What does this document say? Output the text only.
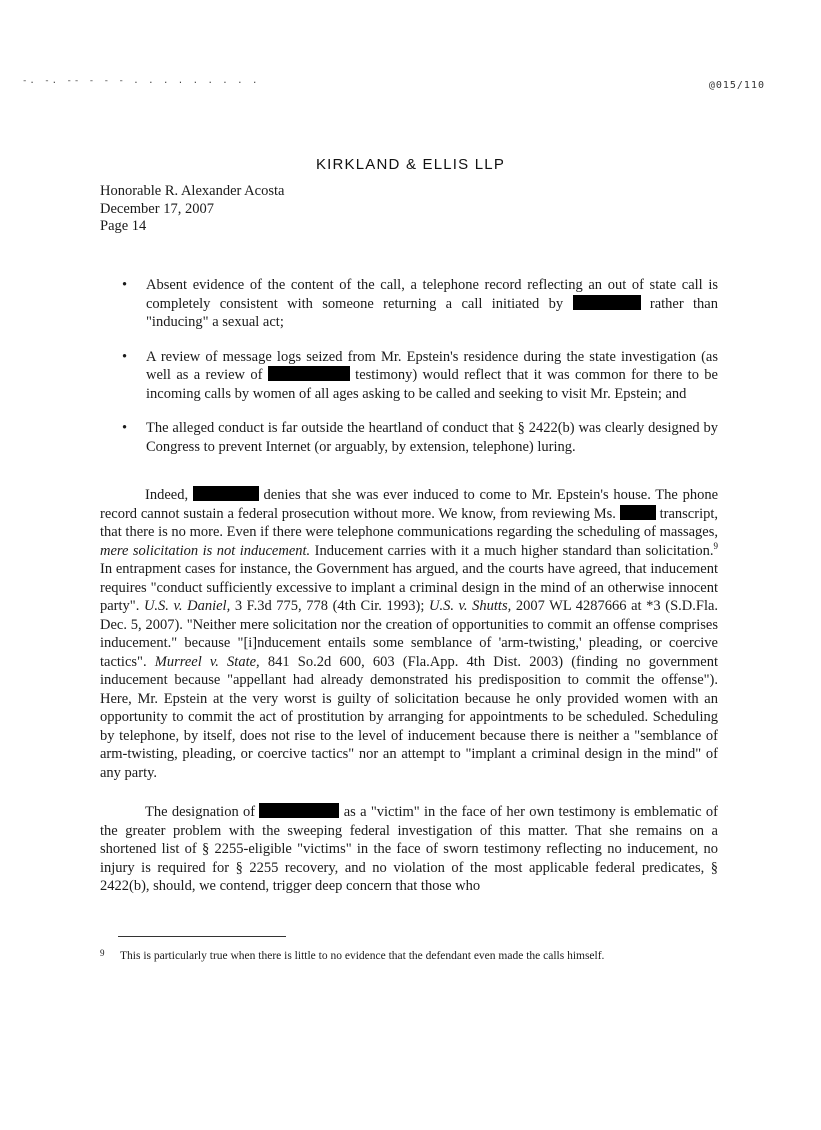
-. -. -- - - - . . . . . . . . .	@015/110
KIRKLAND & ELLIS LLP
Honorable R. Alexander Acosta
December 17, 2007
Page 14
• Absent evidence of the content of the call, a telephone record reflecting an out of state call is completely consistent with someone returning a call initiated by	rather than "inducing" a sexual act;
• A review of message logs seized from Mr. Epstein's residence during the state investigation (as well as a review of	testimony) would reflect that it was common for there to be incoming calls by women of all ages asking to be called and seeking to visit Mr. Epstein; and
• The alleged conduct is far outside the heartland of conduct that § 2422(b) was clearly designed by Congress to prevent Internet (or arguably, by extension, telephone) luring.

Indeed,	denies that she was ever induced to come to Mr. Epstein's house. The phone record cannot sustain a federal prosecution without more. We know, from reviewing Ms.	transcript, that there is no more. Even if there were telephone communications regarding the scheduling of massages, mere solicitation is not inducement. Inducement carries with it a much higher standard than solicitation.$^9$ In entrapment cases for instance, the Government has argued, and the courts have agreed, that inducement requires "conduct sufficiently excessive to implant a criminal design in the mind of an otherwise innocent party". U.S. v. Daniel, 3 F.3d 775, 778 (4th Cir. 1993); U.S. v. Shutts, 2007 WL 4287666 at *3 (S.D.Fla. Dec. 5, 2007). "Neither mere solicitation nor the creation of opportunities to commit an offense comprises inducement." because "[i]nducement entails some semblance of 'arm-twisting,' pleading, or coercive tactics". Murreel v. State, 841 So.2d 600, 603 (Fla.App. 4th Dist. 2003) (finding no government inducement because "appellant had already demonstrated his predisposition to commit the offense"). Here, Mr. Epstein at the very worst is guilty of solicitation because he only provided women with an opportunity to commit the act of prostitution by arranging for appointments to be scheduled. Scheduling by telephone, by itself, does not rise to the level of inducement because there is neither a "semblance of arm-twisting, pleading, or coercive tactics" nor an attempt to "implant a criminal design in the mind" of any party.

The designation of	as a "victim" in the face of her own testimony is emblematic of the greater problem with the sweeping federal investigation of this matter. That she remains on a shortened list of § 2255-eligible "victims" in the face of sworn testimony reflecting no inducement, no injury is required for § 2255 recovery, and no violation of the most applicable federal predicates, § 2422(b), should, we contend, trigger deep concern that those who

9 This is particularly true when there is little to no evidence that the defendant even made the calls himself.
